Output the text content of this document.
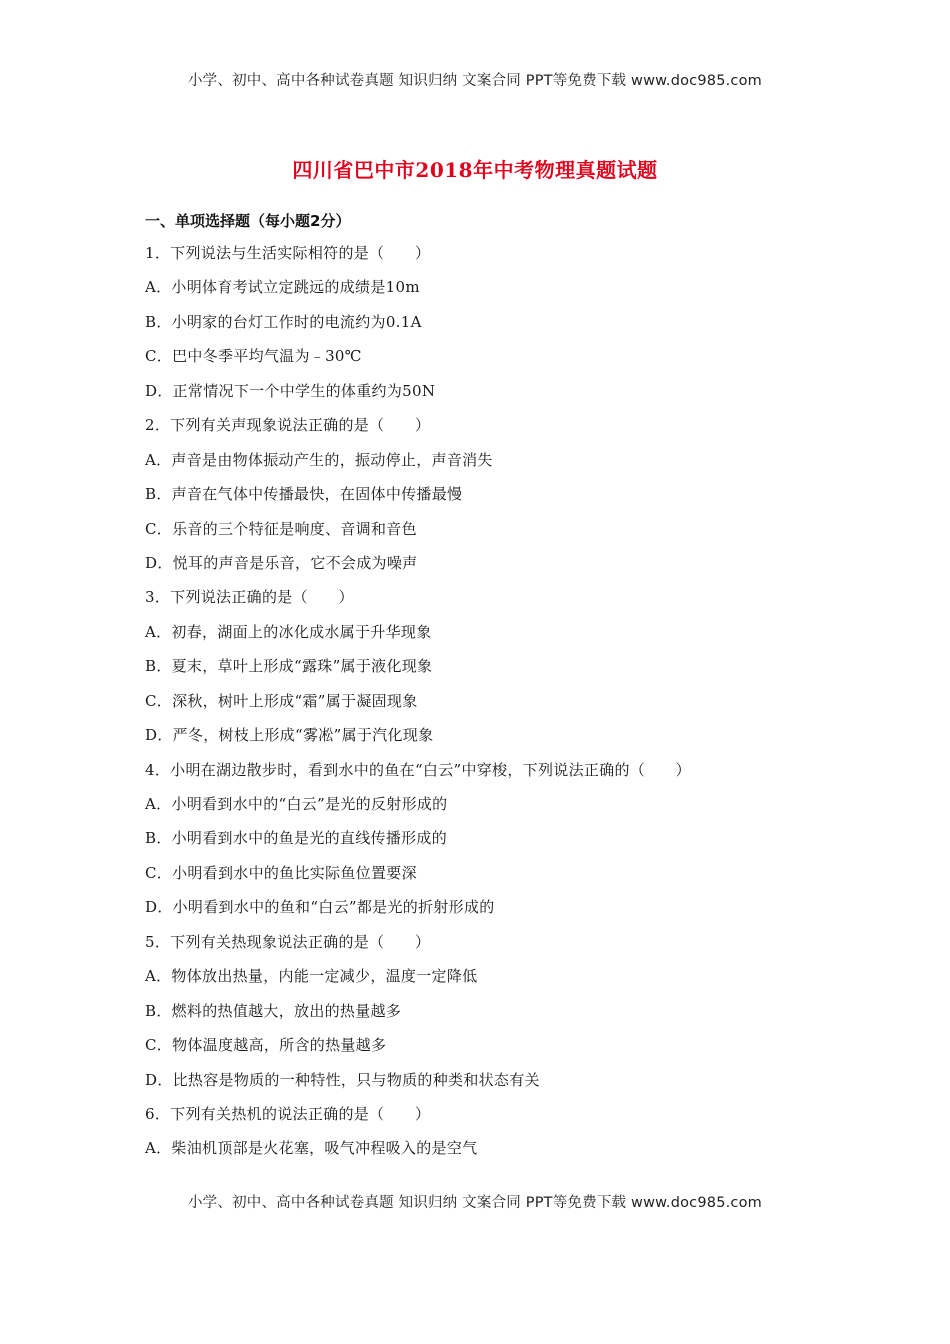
小学、初中、高中各种试卷真题 知识归纳 文案合同 PPT等免费下载 www.doc985.com
四川省巴中市2018年中考物理真题试题
一、单项选择题（每小题2分）
1．下列说法与生活实际相符的是（　　）
A．小明体育考试立定跳远的成绩是10m
B．小明家的台灯工作时的电流约为0.1A
C．巴中冬季平均气温为﹣30℃
D．正常情况下一个中学生的体重约为50N
2．下列有关声现象说法正确的是（　　）
A．声音是由物体振动产生的，振动停止，声音消失
B．声音在气体中传播最快，在固体中传播最慢
C．乐音的三个特征是响度、音调和音色
D．悦耳的声音是乐音，它不会成为噪声
3．下列说法正确的是（　　）
A．初春，湖面上的冰化成水属于升华现象
B．夏末，草叶上形成“露珠”属于液化现象
C．深秋，树叶上形成“霜”属于凝固现象
D．严冬，树枝上形成“雾凇”属于汽化现象
4．小明在湖边散步时，看到水中的鱼在“白云”中穿梭，下列说法正确的（　　）
A．小明看到水中的“白云”是光的反射形成的
B．小明看到水中的鱼是光的直线传播形成的
C．小明看到水中的鱼比实际鱼位置要深
D．小明看到水中的鱼和“白云”都是光的折射形成的
5．下列有关热现象说法正确的是（　　）
A．物体放出热量，内能一定减少，温度一定降低
B．燃料的热值越大，放出的热量越多
C．物体温度越高，所含的热量越多
D．比热容是物质的一种特性，只与物质的种类和状态有关
6．下列有关热机的说法正确的是（　　）
A．柴油机顶部是火花塞，吸气冲程吸入的是空气
小学、初中、高中各种试卷真题 知识归纳 文案合同 PPT等免费下载 www.doc985.com
